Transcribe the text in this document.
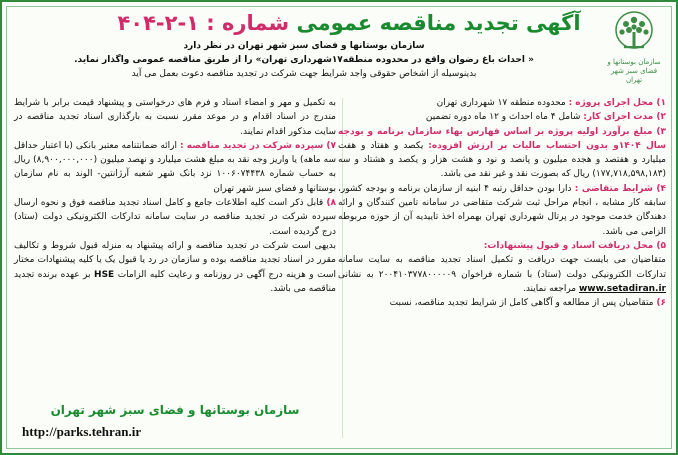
سازمان بوستانها و فضای سبز شهر تهران
آگهی تجدید مناقصه عمومی شماره : ۱-۲-۴۰۴
سازمان بوستانها و فضای سبز شهر تهران در نظر دارد
« احداث باغ رضوان واقع در محدوده منطقه۱۷شهرداری تهران» را از طریق مناقصه عمومی واگذار نماید.
بدینوسیله از اشخاص حقوقی واجد شرایط جهت شرکت در تجدید مناقصه دعوت بعمل می آید

۱) محل اجرای پروژه : محدوده منطقه ۱۷ شهرداری تهران

۲) مدت اجرای کار: شامل ۴ ماه احداث و ۱۲ ماه دوره تضمین

۳) مبلغ برآورد اولیه پروژه بر اساس فهارس بهاء سازمان برنامه و بودجه سال ۱۴۰۴و بدون احتساب مالیات بر ارزش افزوده: یکصد و هفتاد و هفت میلیارد و هفتصد و هجده میلیون و پانصد و نود و هشت هزار و یکصد و هشتاد و سه (۱۷۷,۷۱۸,۵۹۸,۱۸۳) ریال که بصورت نقد و غیر نقد می باشد.

۴) شرایط متقاضی : دارا بودن حداقل رتبه ۴ ابنیه از سازمان برنامه و بودجه کشور، سابقه کار مشابه ، انجام مراحل ثبت شرکت متقاضی در سامانه تامین کنندگان و ارائه دهندگان خدمت موجود در پرتال شهرداری تهران بهمراه اخذ تاییدیه آن از حوزه مربوطه الزامی می باشد.

۵) محل دریافت اسناد و قبول پیشنهادات:

متقاضیان می بایست جهت دریافت و تکمیل اسناد تجدید مناقصه به سایت سامانه تدارکات الکترونیکی دولت (ستاد) با شماره فراخوان ۲۰۰۴۱۰۳۷۷۸۰۰۰۰۰۹ به نشانی www.setadiran.ir مراجعه نمایند.

۶) متقاضیان پس از مطالعه و آگاهی کامل از شرایط تجدید مناقصه، نسبت

به تکمیل و مهر و امضاء اسناد و فرم های درخواستی و پیشنهاد قیمت برابر با شرایط مندرج در اسناد اقدام و در موعد مقرر نسبت به بارگذاری اسناد تجدید مناقصه در سایت مذکور اقدام نمایند.

۷) سپرده شرکت در تجدید مناقصه : ارائه ضمانتنامه معتبر بانکی (با اعتبار حداقل سه ماهه) یا واریز وجه نقد به مبلغ هشت میلیارد و نهصد میلیون (۸,۹۰۰,۰۰۰,۰۰۰) ریال به حساب شماره ۱۰۰۶۰۷۴۴۳۸ نزد بانک شهر شعبه آرژانتین- الوند به نام سازمان بوستانها و فضای سبز شهر تهران

۸) قابل ذکر است کلیه اطلاعات جامع و کامل اسناد تجدید مناقصه فوق و نحوه ارسال سپرده شرکت در تجدید مناقصه در سایت سامانه تدارکات الکترونیکی دولت (ستاد) درج گردیده است.

بدیهی است شرکت در تجدید مناقصه و ارائه پیشنهاد به منزله قبول شروط و تکالیف مقرر در اسناد تجدید مناقصه بوده و سازمان در رد یا قبول یک یا کلیه پیشنهادات مختار است و هزینه درج آگهی در روزنامه و رعایت کلیه الزامات HSE بر عهده برنده تجدید مناقصه می باشد.

سازمان بوستانها و فضای سبز شهر تهران
http://parks.tehran.ir
